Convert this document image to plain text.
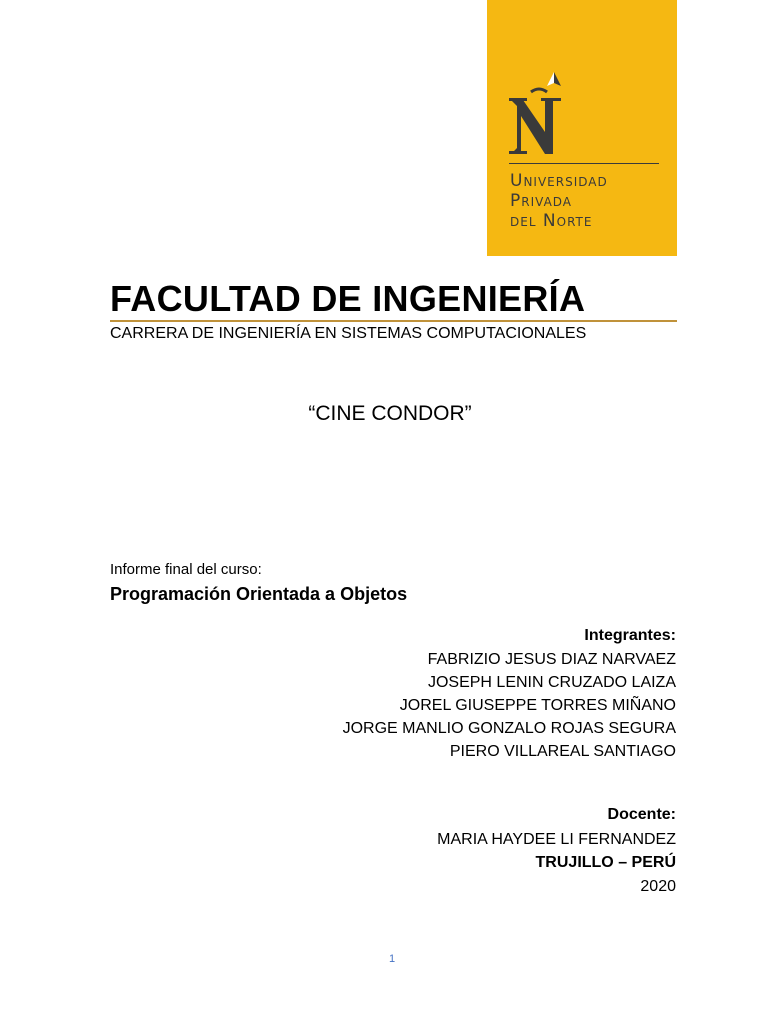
Universidad
Privada
del Norte
FACULTAD DE INGENIERÍA
CARRERA DE INGENIERÍA EN SISTEMAS COMPUTACIONALES
“CINE CONDOR”
Informe final del curso:
Programación Orientada a Objetos
Integrantes:
FABRIZIO JESUS DIAZ NARVAEZ
JOSEPH LENIN CRUZADO LAIZA
JOREL GIUSEPPE TORRES MIÑANO
JORGE MANLIO GONZALO ROJAS SEGURA
PIERO VILLAREAL SANTIAGO
Docente:
MARIA HAYDEE LI FERNANDEZ
TRUJILLO – PERÚ
2020
1
